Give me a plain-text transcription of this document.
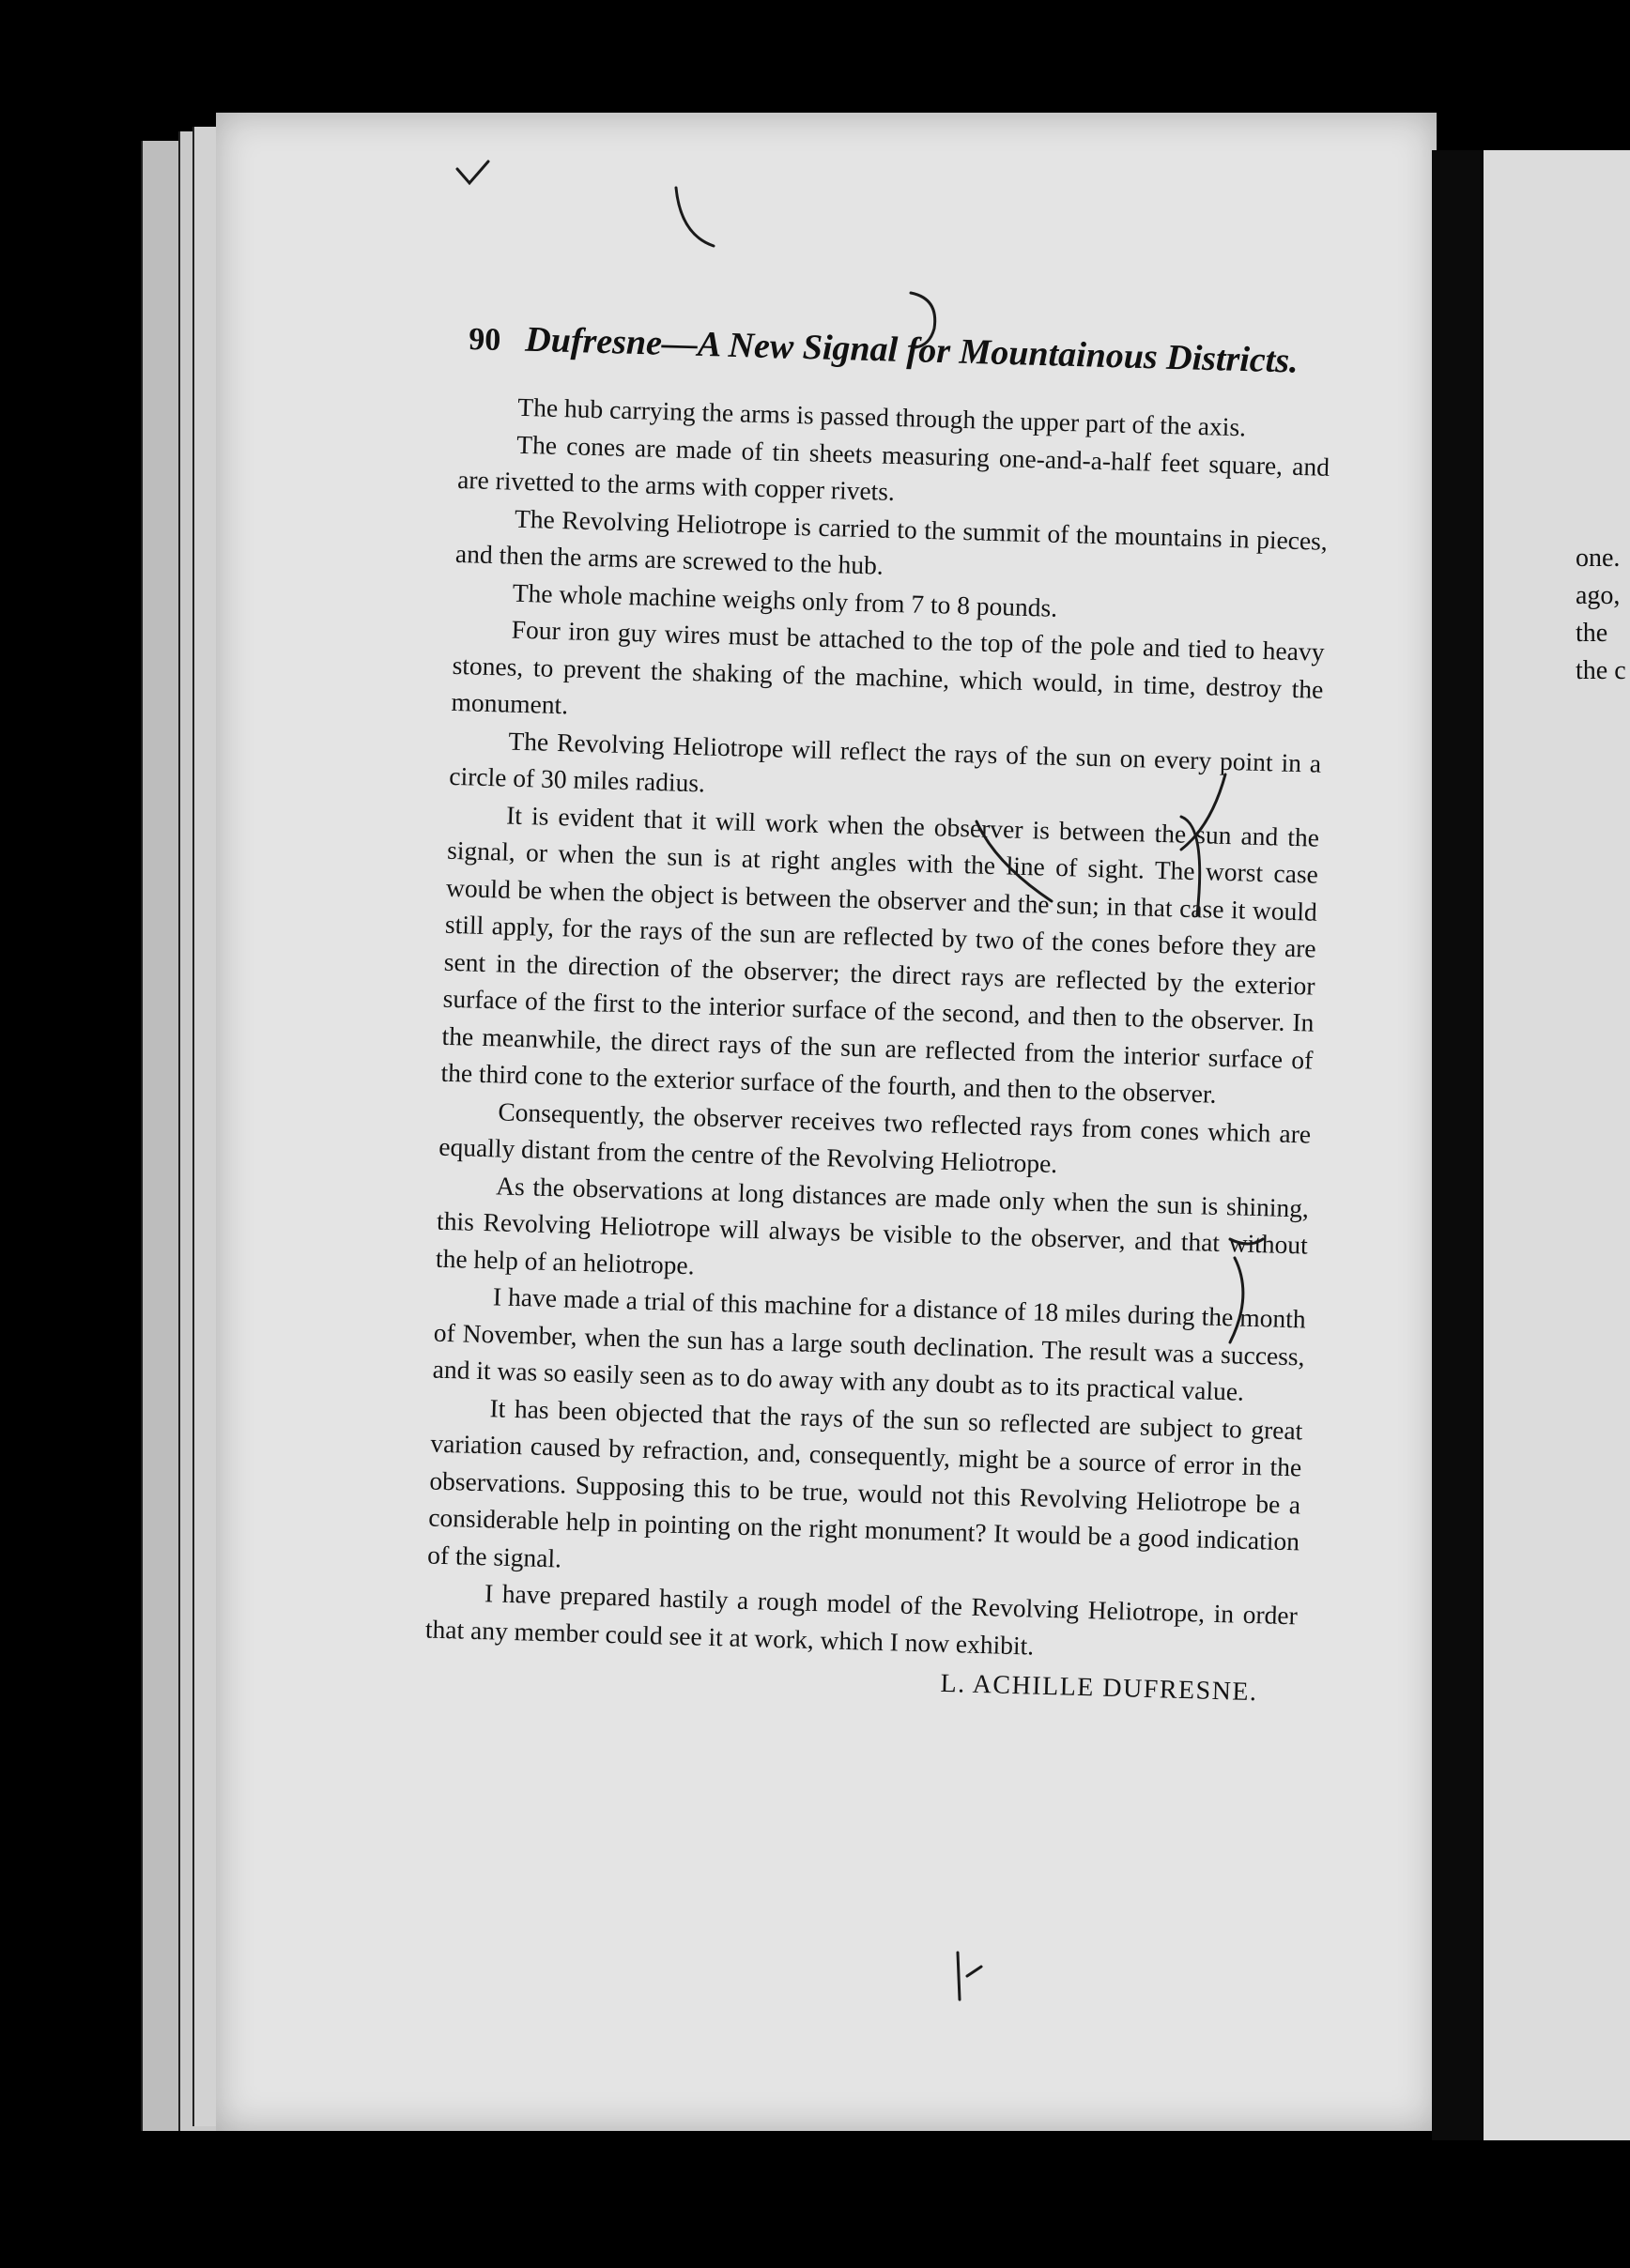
90 Dufresne—A New Signal for Mountainous Districts.

The hub carrying the arms is passed through the upper part of the axis.

The cones are made of tin sheets measuring one-and-a-half feet square, and are rivetted to the arms with copper rivets.

The Revolving Heliotrope is carried to the summit of the mountains in pieces, and then the arms are screwed to the hub.

The whole machine weighs only from 7 to 8 pounds.

Four iron guy wires must be attached to the top of the pole and tied to heavy stones, to prevent the shaking of the machine, which would, in time, destroy the monument.

The Revolving Heliotrope will reflect the rays of the sun on every point in a circle of 30 miles radius.

It is evident that it will work when the observer is between the sun and the signal, or when the sun is at right angles with the line of sight. The worst case would be when the object is between the observer and the sun; in that case it would still apply, for the rays of the sun are reflected by two of the cones before they are sent in the direction of the observer; the direct rays are reflected by the exterior surface of the first to the interior surface of the second, and then to the observer. In the meanwhile, the direct rays of the sun are reflected from the interior surface of the third cone to the exterior surface of the fourth, and then to the observer.

Consequently, the observer receives two reflected rays from cones which are equally distant from the centre of the Revolving Heliotrope.

As the observations at long distances are made only when the sun is shining, this Revolving Heliotrope will always be visible to the observer, and that without the help of an heliotrope.

I have made a trial of this machine for a distance of 18 miles during the month of November, when the sun has a large south declination. The result was a success, and it was so easily seen as to do away with any doubt as to its practical value.

It has been objected that the rays of the sun so reflected are subject to great variation caused by refraction, and, consequently, might be a source of error in the observations. Supposing this to be true, would not this Revolving Heliotrope be a considerable help in pointing on the right monument? It would be a good indication of the signal.

I have prepared hastily a rough model of the Revolving Heliotrope, in order that any member could see it at work, which I now exhibit.

L. ACHILLE DUFRESNE.
one.
ago,
the
the c
